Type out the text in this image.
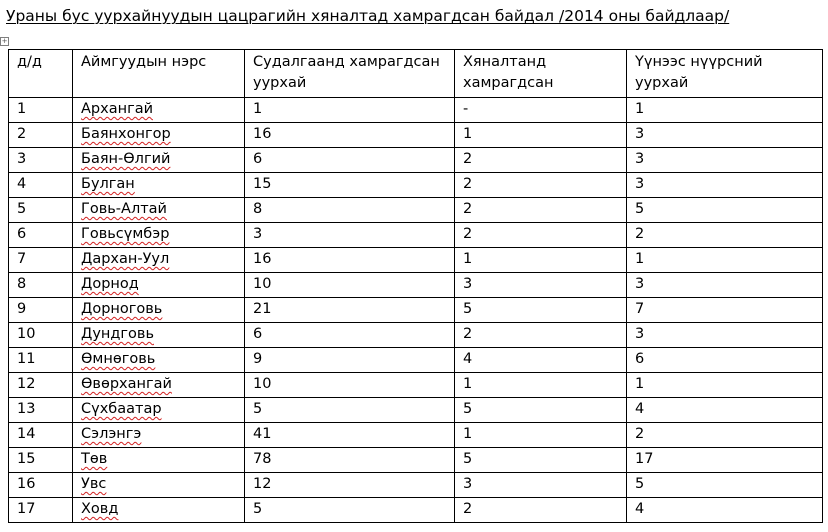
Ураны бус уурхайнуудын цацрагийн хяналтад хамрагдсан байдал /2014 оны байдлаар/
+
д/д	Аймгуудын нэрс	Судалгаанд хамрагдсан уурхай	Хяналтанд хамрагдсан	Үүнээс нүүрсний уурхай
1	Архангай	1	-	1
2	Баянхонгор	16	1	3
3	Баян-Өлгий	6	2	3
4	Булган	15	2	3
5	Говь-Алтай	8	2	5
6	Говьсүмбэр	3	2	2
7	Дархан-Уул	16	1	1
8	Дорнод	10	3	3
9	Дорноговь	21	5	7
10	Дундговь	6	2	3
11	Өмнөговь	9	4	6
12	Өвөрхангай	10	1	1
13	Сүхбаатар	5	5	4
14	Сэлэнгэ	41	1	2
15	Төв	78	5	17
16	Увс	12	3	5
17	Ховд	5	2	4
